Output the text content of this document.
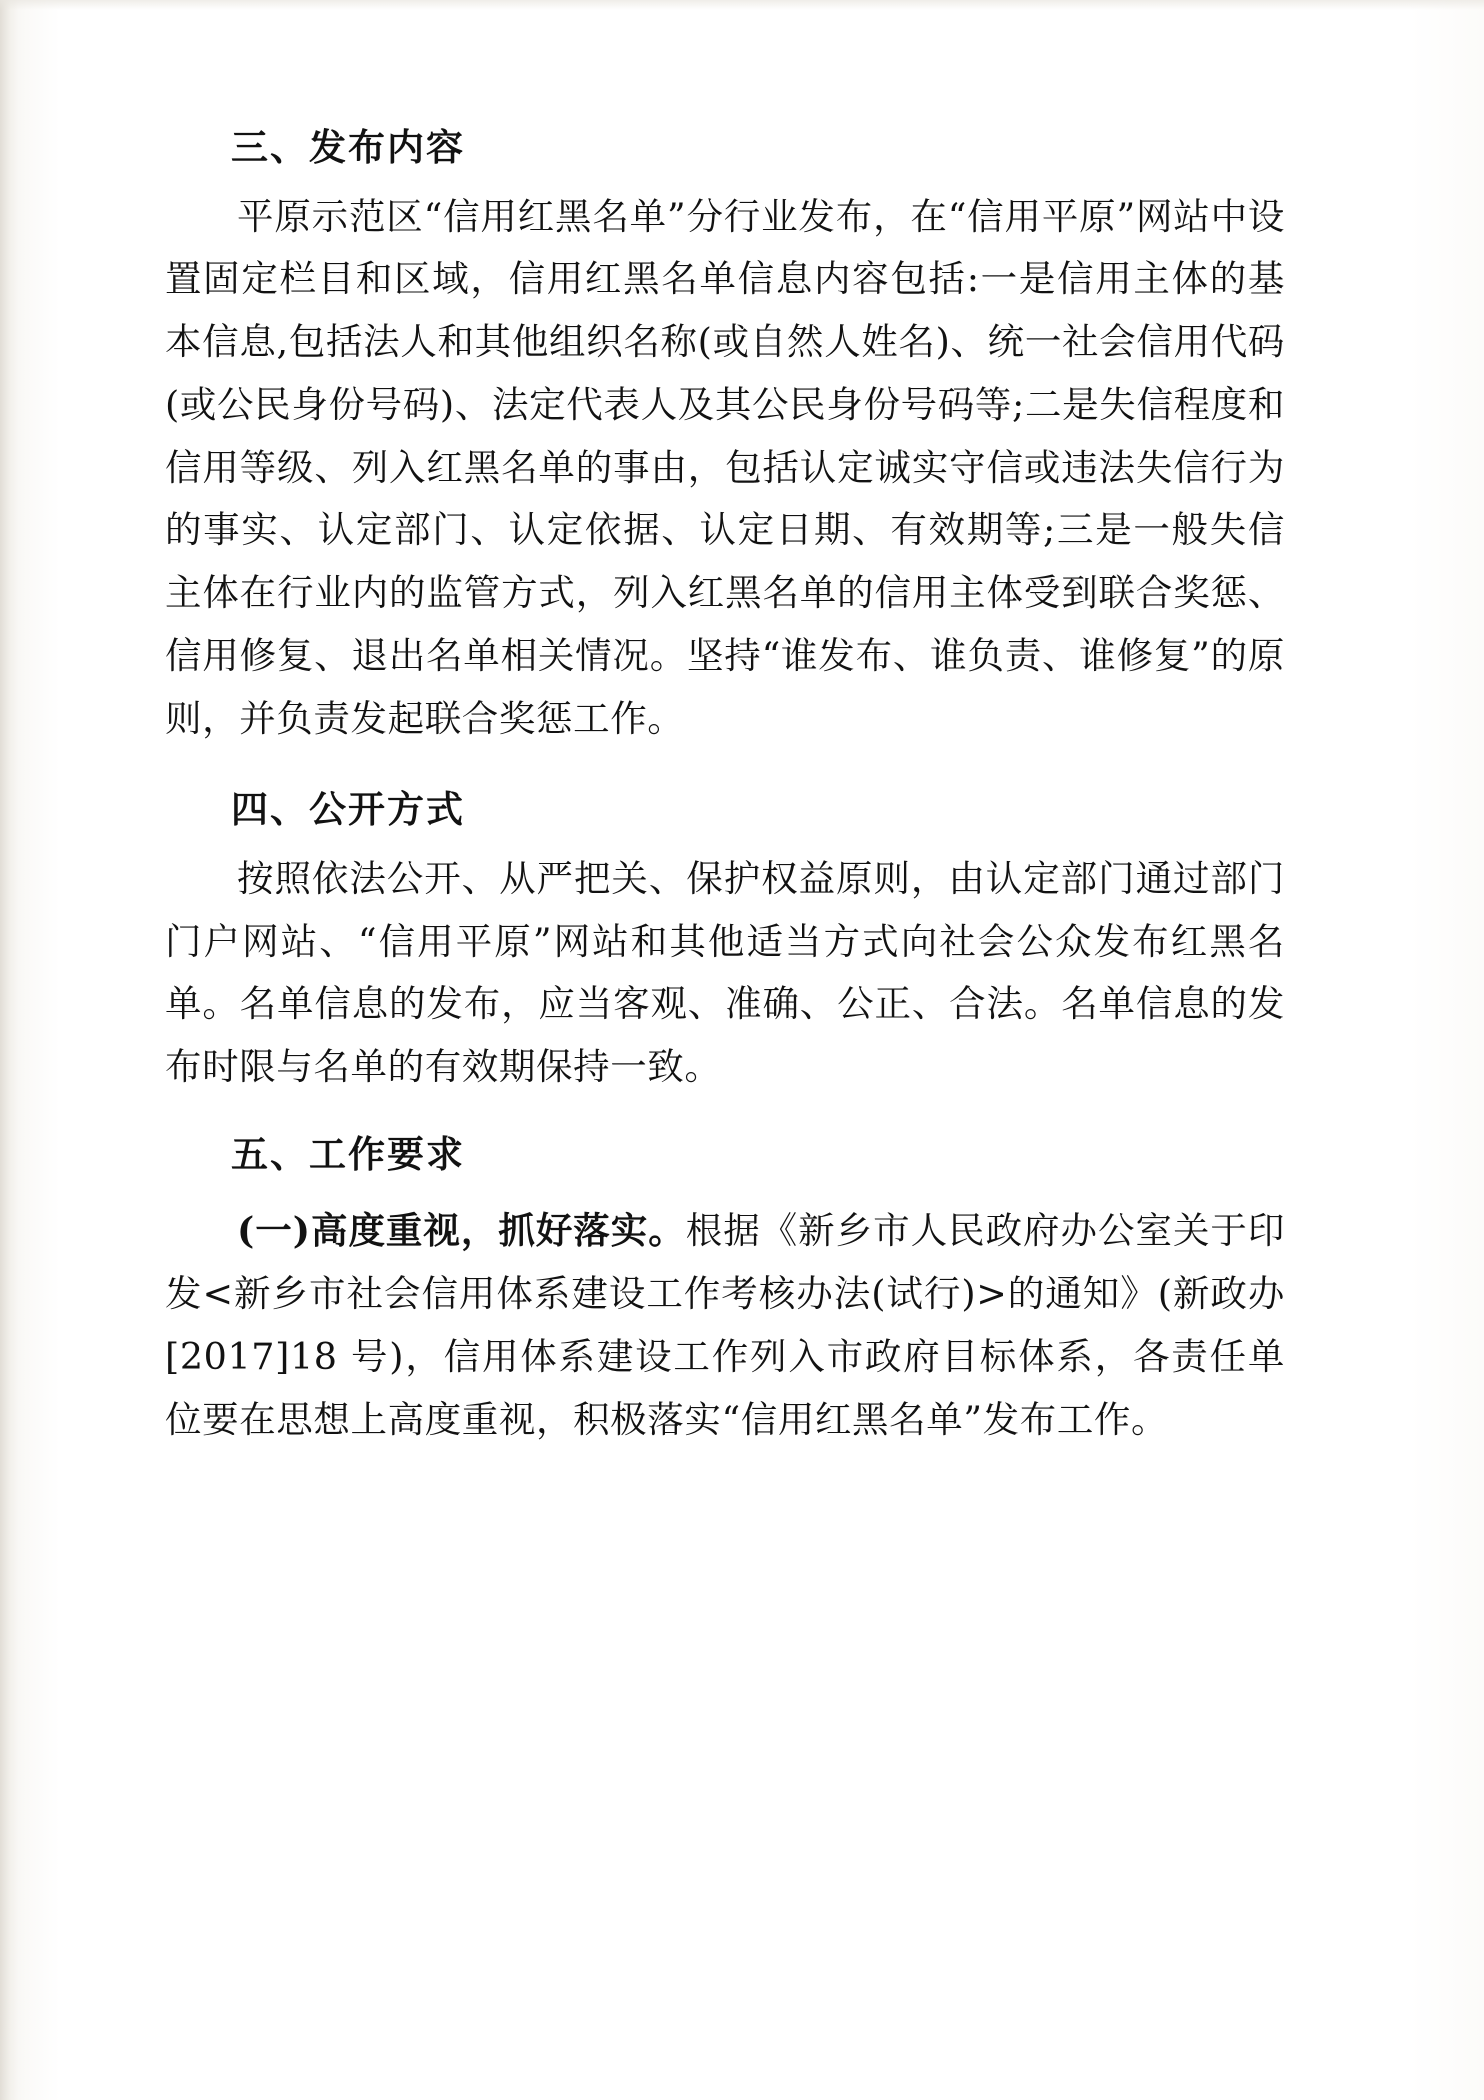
三、发布内容

平原示范区“信用红黑名单”分行业发布，在“信用平原”网站中设置固定栏目和区域，信用红黑名单信息内容包括:一是信用主体的基本信息,包括法人和其他组织名称(或自然人姓名)、统一社会信用代码(或公民身份号码)、法定代表人及其公民身份号码等;二是失信程度和信用等级、列入红黑名单的事由，包括认定诚实守信或违法失信行为的事实、认定部门、认定依据、认定日期、有效期等;三是一般失信主体在行业内的监管方式，列入红黑名单的信用主体受到联合奖惩、信用修复、退出名单相关情况。坚持“谁发布、谁负责、谁修复”的原则，并负责发起联合奖惩工作。

四、公开方式

按照依法公开、从严把关、保护权益原则，由认定部门通过部门门户网站、“信用平原”网站和其他适当方式向社会公众发布红黑名单。名单信息的发布，应当客观、准确、公正、合法。名单信息的发布时限与名单的有效期保持一致。

五、工作要求

(一)高度重视，抓好落实。根据《新乡市人民政府办公室关于印发<新乡市社会信用体系建设工作考核办法(试行)>的通知》(新政办[2017]18 号)，信用体系建设工作列入市政府目标体系，各责任单位要在思想上高度重视，积极落实“信用红黑名单”发布工作。
